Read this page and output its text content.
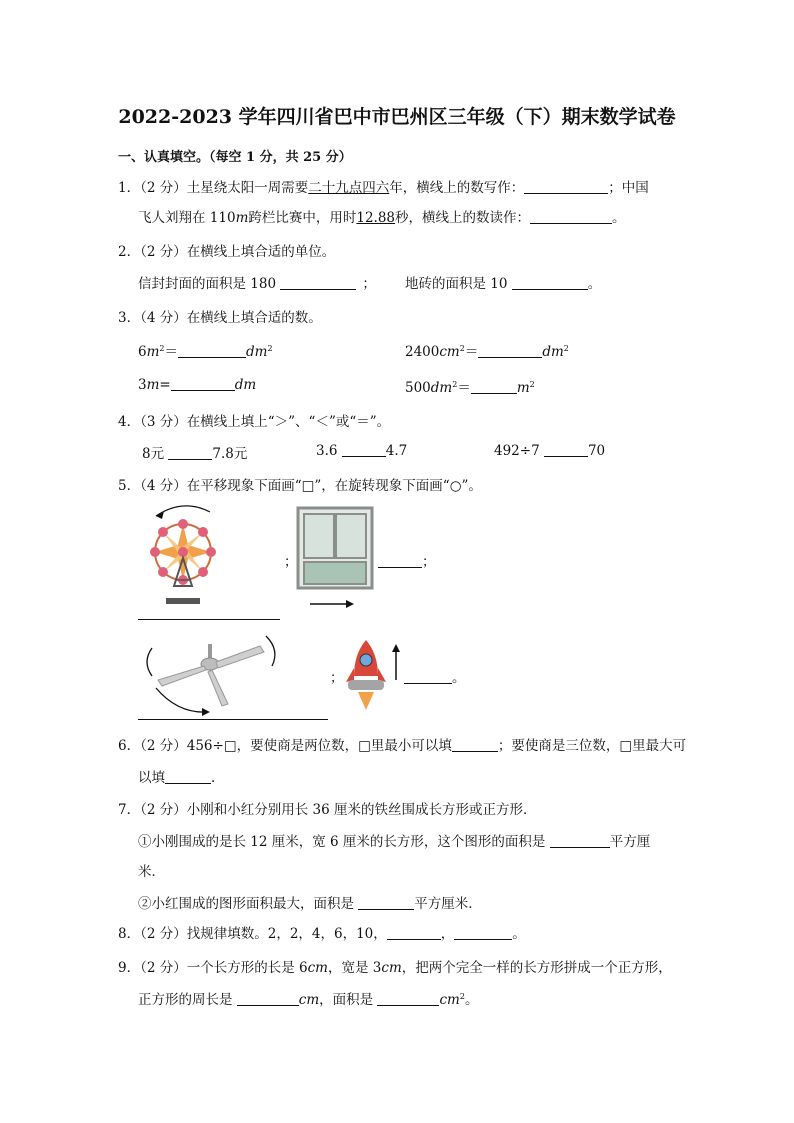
2022-2023 学年四川省巴中市巴州区三年级（下）期末数学试卷
一、认真填空。（每空 1 分，共 25 分）
1．（2 分）土星绕太阳一周需要二十九点四六年，横线上的数写作：	；中国
飞人刘翔在 110m跨栏比赛中，用时12.88秒，横线上的数读作：	。
2．（2 分）在横线上填合适的单位。
信封封面的面积是 180	； 地砖的面积是 10	。
3．（4 分）在横线上填合适的数。
$6m^2=$	$dm^2$	$2400cm^2=$	$dm^2$
3m=	dm	$500dm^2=$	$m^2$
4．（3 分）在横线上填上“＞”、“＜”或“＝”。
8元	7.8元	3.6	4.7	492÷7	70
5．（4 分）在平移现象下面画“□”，在旋转现象下面画“○”。
；	；
；	。
6．（2 分）456÷□，要使商是两位数，□里最小可以填	；要使商是三位数，□里最大可
以填	．
7．（2 分）小刚和小红分别用长 36 厘米的铁丝围成长方形或正方形．
①小刚围成的是长 12 厘米，宽 6 厘米的长方形，这个图形的面积是	平方厘
米．
②小红围成的图形面积最大，面积是	平方厘米．
8．（2 分）找规律填数。2，2，4，6，10，	，	。
9．（2 分）一个长方形的长是 6cm，宽是 3cm，把两个完全一样的长方形拼成一个正方形，
正方形的周长是	cm，面积是	$cm^2$。
